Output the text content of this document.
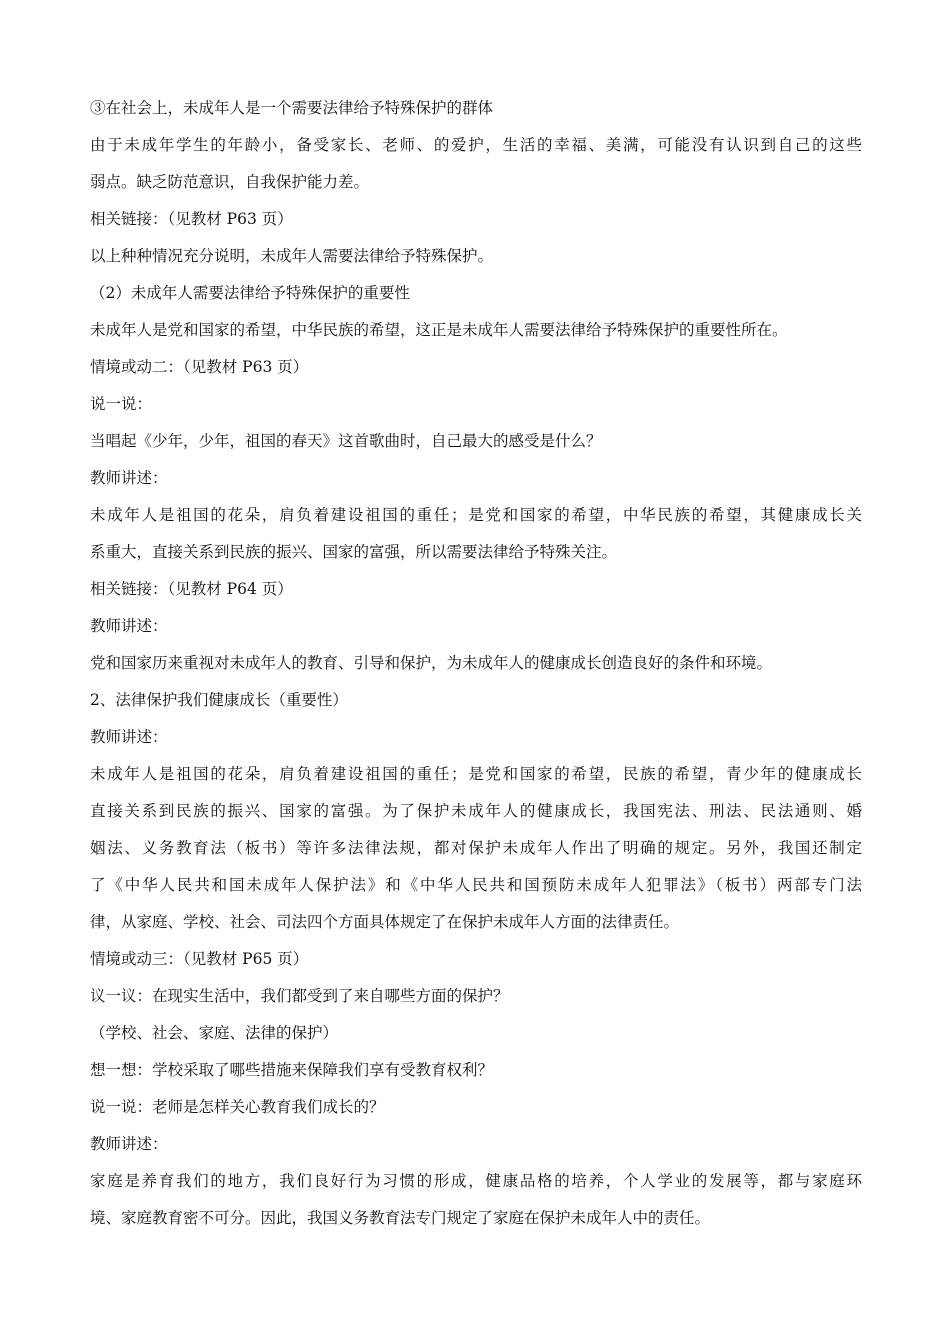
③在社会上，未成年人是一个需要法律给予特殊保护的群体
由于未成年学生的年龄小，备受家长、老师、的爱护，生活的幸福、美满，可能没有认识到自己的这些
弱点。缺乏防范意识，自我保护能力差。
相关链接：（见教材 P63 页）
以上种种情况充分说明，未成年人需要法律给予特殊保护。
（2）未成年人需要法律给予特殊保护的重要性
未成年人是党和国家的希望，中华民族的希望，这正是未成年人需要法律给予特殊保护的重要性所在。
情境或动二：（见教材 P63 页）
说一说：
当唱起《少年，少年，祖国的春天》这首歌曲时，自己最大的感受是什么？
教师讲述：
未成年人是祖国的花朵，肩负着建设祖国的重任；是党和国家的希望，中华民族的希望，其健康成长关
系重大，直接关系到民族的振兴、国家的富强，所以需要法律给予特殊关注。
相关链接：（见教材 P64 页）
教师讲述：
党和国家历来重视对未成年人的教育、引导和保护，为未成年人的健康成长创造良好的条件和环境。
2、法律保护我们健康成长（重要性）
教师讲述：
未成年人是祖国的花朵，肩负着建设祖国的重任；是党和国家的希望，民族的希望，青少年的健康成长
直接关系到民族的振兴、国家的富强。为了保护未成年人的健康成长，我国宪法、刑法、民法通则、婚
姻法、义务教育法（板书）等许多法律法规，都对保护未成年人作出了明确的规定。另外，我国还制定
了《中华人民共和国未成年人保护法》和《中华人民共和国预防未成年人犯罪法》（板书）两部专门法
律，从家庭、学校、社会、司法四个方面具体规定了在保护未成年人方面的法律责任。
情境或动三：（见教材 P65 页）
议一议：在现实生活中，我们都受到了来自哪些方面的保护？
（学校、社会、家庭、法律的保护）
想一想：学校采取了哪些措施来保障我们享有受教育权利？
说一说：老师是怎样关心教育我们成长的？
教师讲述：
家庭是养育我们的地方，我们良好行为习惯的形成，健康品格的培养，个人学业的发展等，都与家庭环
境、家庭教育密不可分。因此，我国义务教育法专门规定了家庭在保护未成年人中的责任。
